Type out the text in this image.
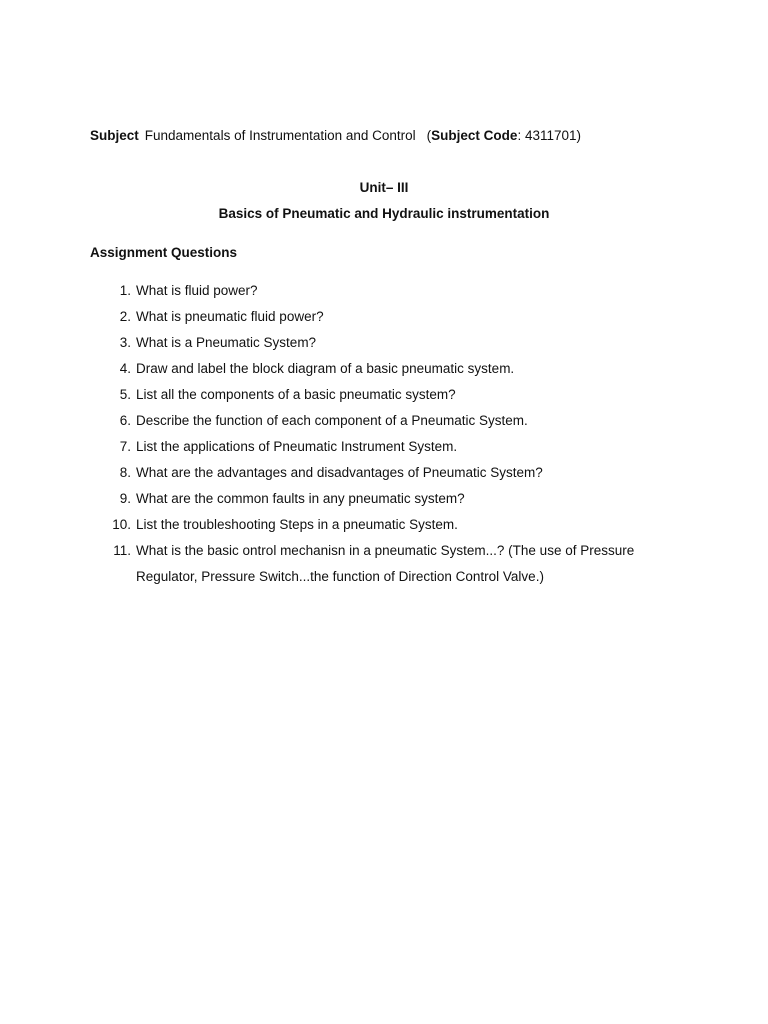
Subject Fundamentals of Instrumentation and Control (Subject Code: 4311701)
Unit– III
Basics of Pneumatic and Hydraulic instrumentation
Assignment Questions
1. What is fluid power?
2. What is pneumatic fluid power?
3. What is a Pneumatic System?
4. Draw and label the block diagram of a basic pneumatic system.
5. List all the components of a basic pneumatic system?
6. Describe the function of each component of a Pneumatic System.
7. List the applications of Pneumatic Instrument System.
8. What are the advantages and disadvantages of Pneumatic System?
9. What are the common faults in any pneumatic system?
10. List the troubleshooting Steps in a pneumatic System.
11. What is the basic ontrol mechanisn in a pneumatic System...? (The use of Pressure Regulator, Pressure Switch...the function of Direction Control Valve.)
